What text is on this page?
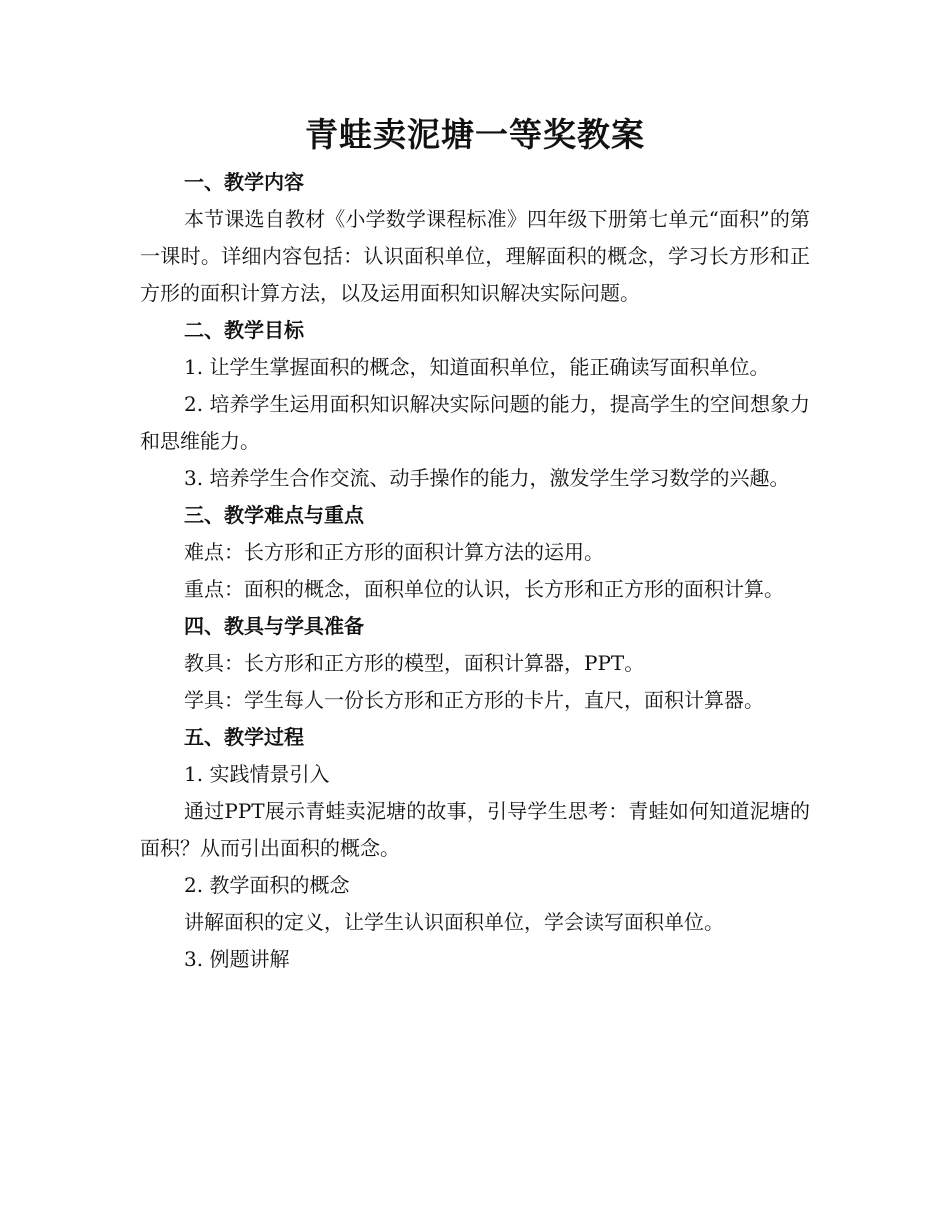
青蛙卖泥塘一等奖教案

一、教学内容

本节课选自教材《小学数学课程标准》四年级下册第七单元“面积”的第一课时。详细内容包括：认识面积单位，理解面积的概念，学习长方形和正方形的面积计算方法，以及运用面积知识解决实际问题。

二、教学目标

1. 让学生掌握面积的概念，知道面积单位，能正确读写面积单位。

2. 培养学生运用面积知识解决实际问题的能力，提高学生的空间想象力和思维能力。

3. 培养学生合作交流、动手操作的能力，激发学生学习数学的兴趣。

三、教学难点与重点

难点：长方形和正方形的面积计算方法的运用。

重点：面积的概念，面积单位的认识，长方形和正方形的面积计算。

四、教具与学具准备

教具：长方形和正方形的模型，面积计算器，PPT。

学具：学生每人一份长方形和正方形的卡片，直尺，面积计算器。

五、教学过程

1. 实践情景引入

通过PPT展示青蛙卖泥塘的故事，引导学生思考：青蛙如何知道泥塘的面积？从而引出面积的概念。

2. 教学面积的概念

讲解面积的定义，让学生认识面积单位，学会读写面积单位。

3. 例题讲解
